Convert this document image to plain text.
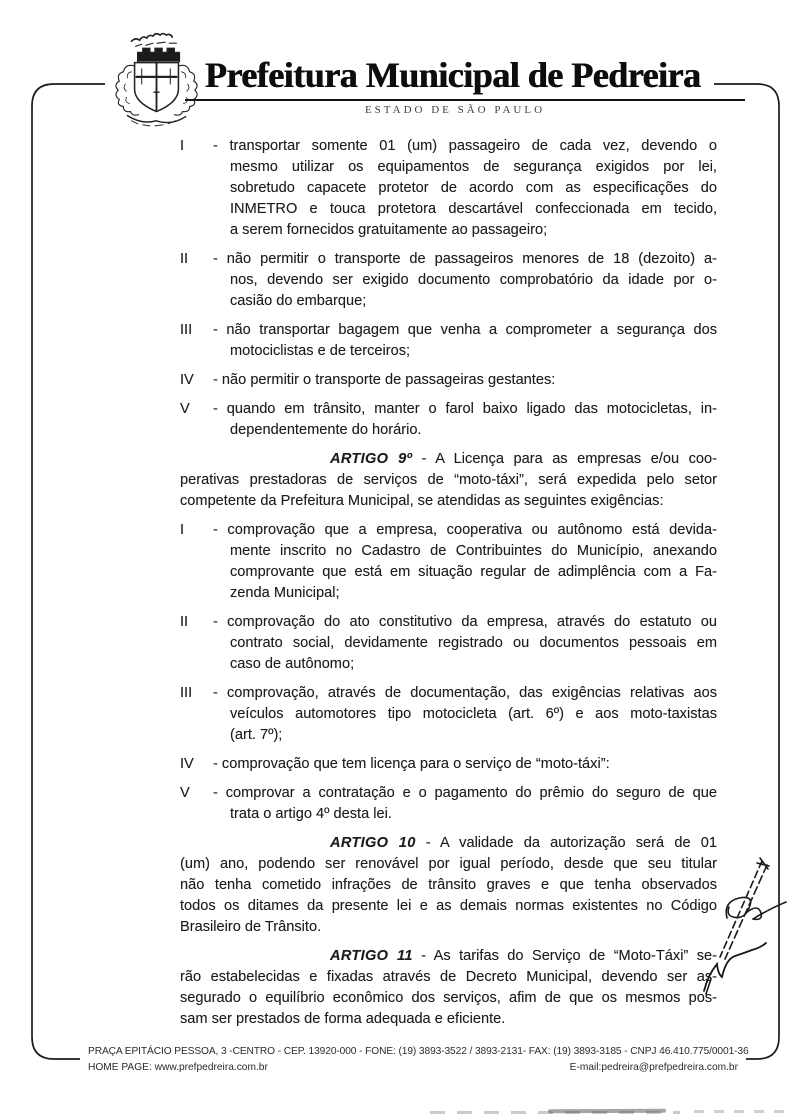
Prefeitura Municipal de Pedreira
ESTADO DE SÃO PAULO
I - transportar somente 01 (um) passageiro de cada vez, devendo o
mesmo utilizar os equipamentos de segurança exigidos por lei,
sobretudo capacete protetor de acordo com as especificações do
INMETRO e touca protetora descartável confeccionada em tecido,
a serem fornecidos gratuitamente ao passageiro;
II - não permitir o transporte de passageiros menores de 18 (dezoito) a-
nos, devendo ser exigido documento comprobatório da idade por o-
casião do embarque;
III - não transportar bagagem que venha a comprometer a segurança dos
motociclistas e de terceiros;
IV - não permitir o transporte de passageiras gestantes:
V - quando em trânsito, manter o farol baixo ligado das motocicletas, in-
dependentemente do horário.
ARTIGO 9º - A Licença para as empresas e/ou coo-
perativas prestadoras de serviços de “moto-táxi”, será expedida pelo setor
competente da Prefeitura Municipal, se atendidas as seguintes exigências:
I - comprovação que a empresa, cooperativa ou autônomo está devida-
mente inscrito no Cadastro de Contribuintes do Município, anexando
comprovante que está em situação regular de adimplência com a Fa-
zenda Municipal;
II - comprovação do ato constitutivo da empresa, através do estatuto ou
contrato social, devidamente registrado ou documentos pessoais em
caso de autônomo;
III - comprovação, através de documentação, das exigências relativas aos
veículos automotores tipo motocicleta (art. 6º) e aos moto-taxistas
(art. 7º);
IV - comprovação que tem licença para o serviço de “moto-táxi”:
V - comprovar a contratação e o pagamento do prêmio do seguro de que
trata o artigo 4º desta lei.
ARTIGO 10 - A validade da autorização será de 01
(um) ano, podendo ser renovável por igual período, desde que seu titular
não tenha cometido infrações de trânsito graves e que tenha observados
todos os ditames da presente lei e as demais normas existentes no Código
Brasileiro de Trânsito.
ARTIGO 11 - As tarifas do Serviço de “Moto-Táxi” se-
rão estabelecidas e fixadas através de Decreto Municipal, devendo ser as-
segurado o equilíbrio econômico dos serviços, afim de que os mesmos pos-
sam ser prestados de forma adequada e eficiente.
PRAÇA EPITÁCIO PESSOA, 3 -CENTRO - CEP. 13920-000 - FONE: (19) 3893-3522 / 3893-2131- FAX: (19) 3893-3185 - CNPJ 46.410.775/0001-36
HOME PAGE: www.prefpedreira.com.br	E-mail:pedreira@prefpedreira.com.br
